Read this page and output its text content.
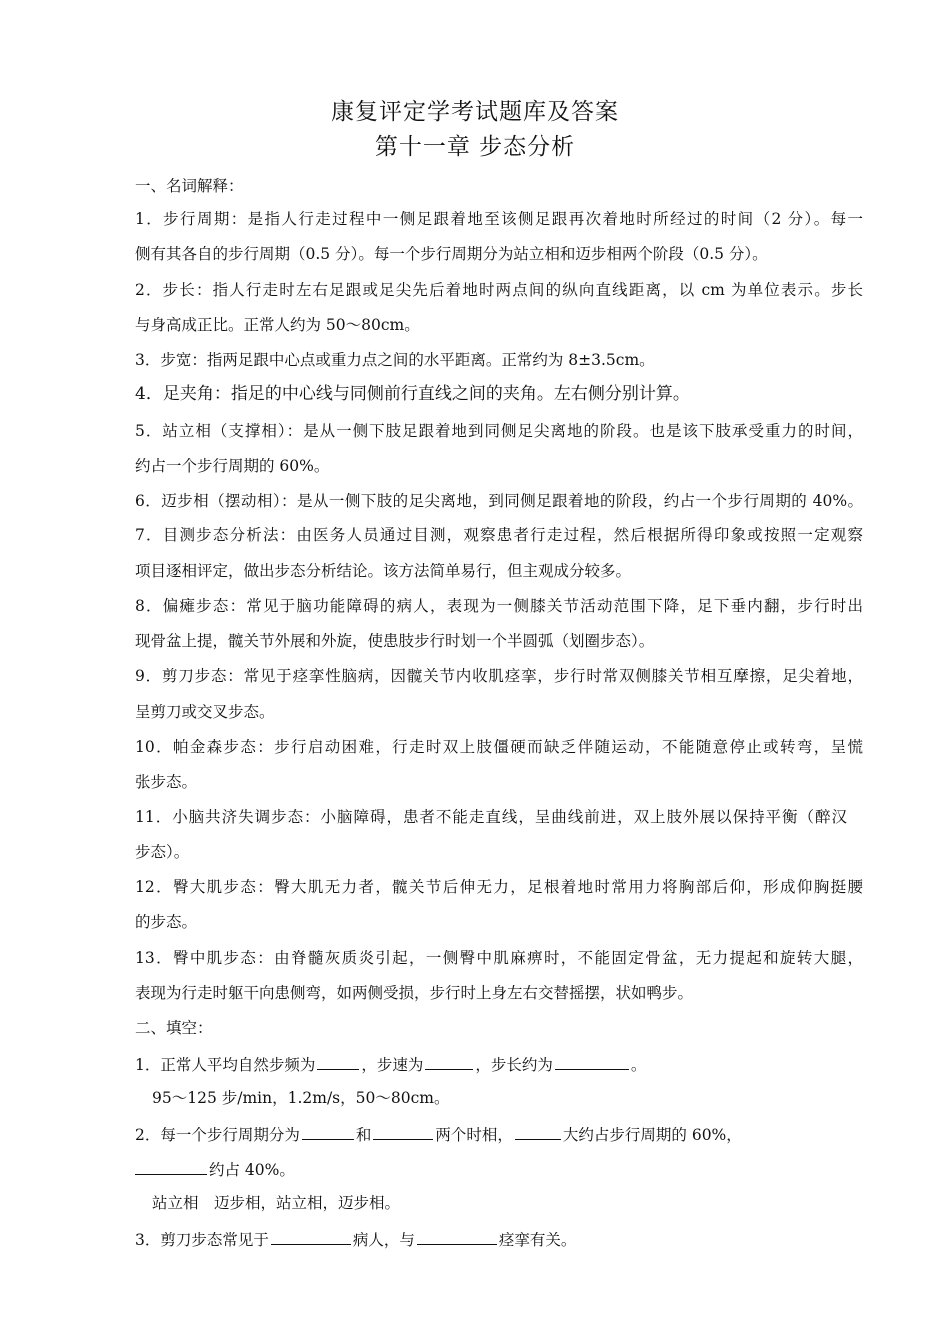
康复评定学考试题库及答案
第十一章 步态分析
一、名词解释：
1．步行周期：是指人行走过程中一侧足跟着地至该侧足跟再次着地时所经过的时间（2 分）。每一
侧有其各自的步行周期（0.5 分）。每一个步行周期分为站立相和迈步相两个阶段（0.5 分）。
2．步长：指人行走时左右足跟或足尖先后着地时两点间的纵向直线距离，以 cm 为单位表示。步长
与身高成正比。正常人约为 50～80cm。
3．步宽：指两足跟中心点或重力点之间的水平距离。正常约为 8±3.5cm。
4．足夹角：指足的中心线与同侧前行直线之间的夹角。左右侧分别计算。
5．站立相（支撑相）：是从一侧下肢足跟着地到同侧足尖离地的阶段。也是该下肢承受重力的时间，
约占一个步行周期的 60%。
6．迈步相（摆动相）：是从一侧下肢的足尖离地，到同侧足跟着地的阶段，约占一个步行周期的 40%。
7．目测步态分析法：由医务人员通过目测，观察患者行走过程，然后根据所得印象或按照一定观察
项目逐相评定，做出步态分析结论。该方法简单易行，但主观成分较多。
8．偏瘫步态：常见于脑功能障碍的病人，表现为一侧膝关节活动范围下降，足下垂内翻，步行时出
现骨盆上提，髋关节外展和外旋，使患肢步行时划一个半圆弧（划圈步态）。
9．剪刀步态：常见于痉挛性脑病，因髋关节内收肌痉挛，步行时常双侧膝关节相互摩擦，足尖着地，
呈剪刀或交叉步态。
10．帕金森步态：步行启动困难，行走时双上肢僵硬而缺乏伴随运动，不能随意停止或转弯，呈慌
张步态。
11．小脑共济失调步态：小脑障碍，患者不能走直线，呈曲线前进，双上肢外展以保持平衡（醉汉
步态）。
12．臀大肌步态：臀大肌无力者，髋关节后伸无力，足根着地时常用力将胸部后仰，形成仰胸挺腰
的步态。
13．臀中肌步态：由脊髓灰质炎引起，一侧臀中肌麻痹时，不能固定骨盆，无力提起和旋转大腿，
表现为行走时躯干向患侧弯，如两侧受损，步行时上身左右交替摇摆，状如鸭步。
二、填空：
1．正常人平均自然步频为	，步速为	，步长约为	。
95～125 步/min，1.2m/s，50～80cm。
2．每一个步行周期分为	和	两个时相，	大约占步行周期的 60%，
约占 40%。
站立相　迈步相，站立相，迈步相。
3．剪刀步态常见于	病人，与	痉挛有关。
